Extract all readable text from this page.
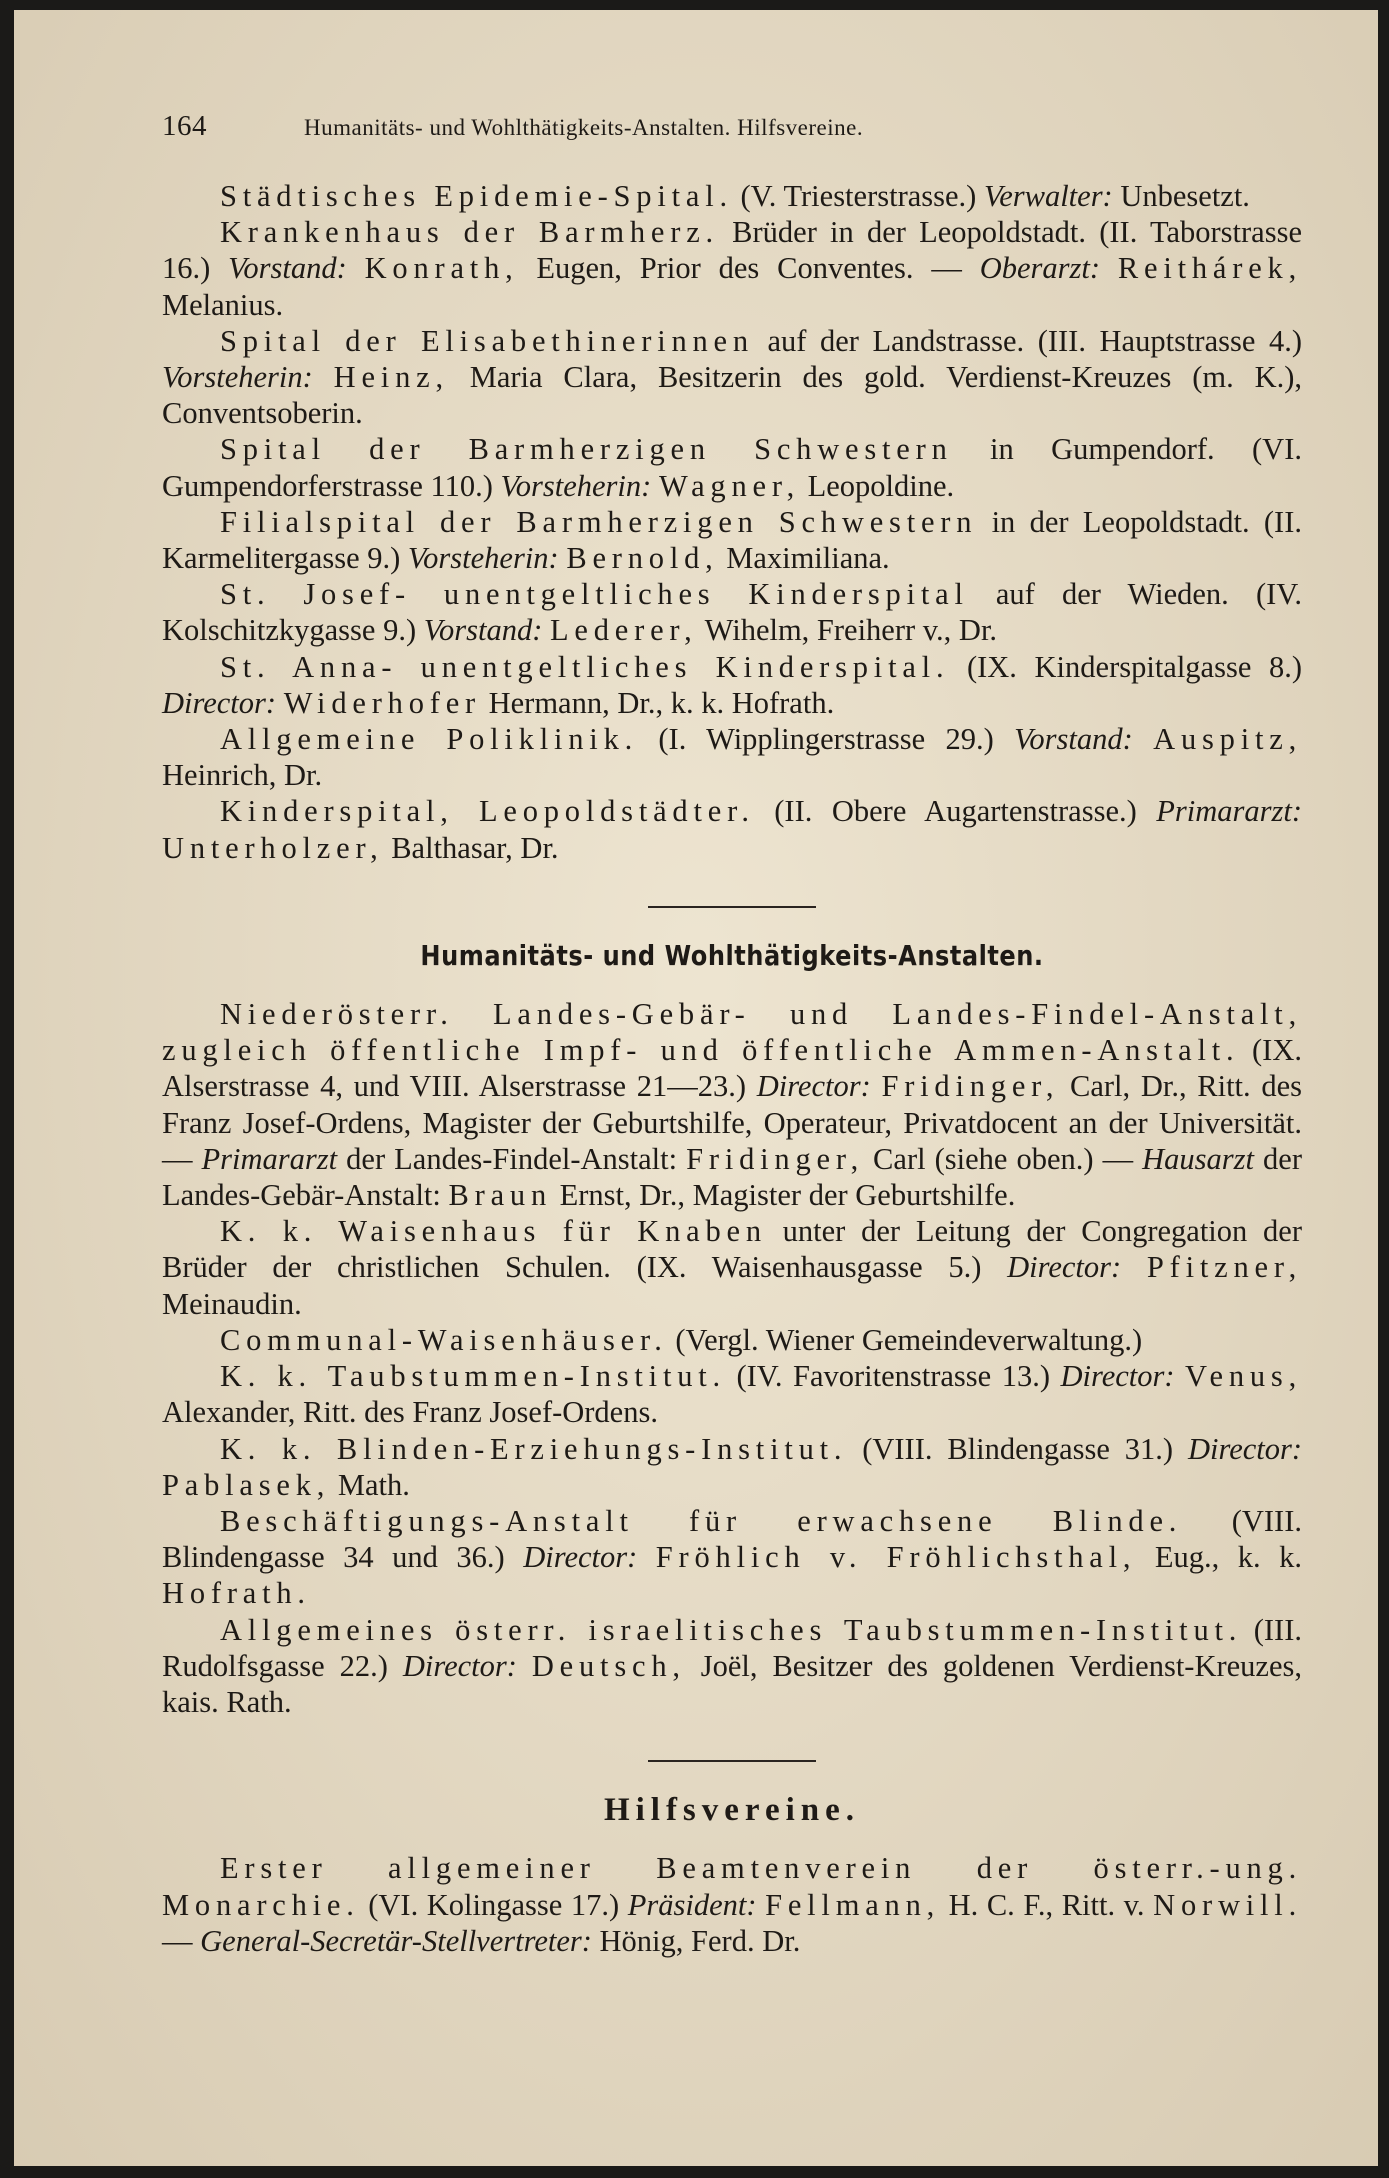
164	Humanitäts- und Wohlthätigkeits-Anstalten. Hilfsvereine.

Städtisches Epidemie-Spital. (V. Triesterstrasse.) Verwalter: Unbesetzt.

Krankenhaus der Barmherz. Brüder in der Leopoldstadt. (II. Taborstrasse 16.) Vorstand: Konrath, Eugen, Prior des Conventes. — Oberarzt: Reithárek, Melanius.

Spital der Elisabethinerinnen auf der Landstrasse. (III. Hauptstrasse 4.) Vorsteherin: Heinz, Maria Clara, Besitzerin des gold. Verdienst-Kreuzes (m. K.), Conventsoberin.

Spital der Barmherzigen Schwestern in Gumpendorf. (VI. Gumpendorferstrasse 110.) Vorsteherin: Wagner, Leopoldine.

Filialspital der Barmherzigen Schwestern in der Leopoldstadt. (II. Karmelitergasse 9.) Vorsteherin: Bernold, Maximiliana.

St. Josef- unentgeltliches Kinderspital auf der Wieden. (IV. Kolschitzkygasse 9.) Vorstand: Lederer, Wihelm, Freiherr v., Dr.

St. Anna- unentgeltliches Kinderspital. (IX. Kinderspitalgasse 8.) Director: Widerhofer Hermann, Dr., k. k. Hofrath.

Allgemeine Poliklinik. (I. Wipplingerstrasse 29.) Vorstand: Auspitz, Heinrich, Dr.

Kinderspital, Leopoldstädter. (II. Obere Augartenstrasse.) Primararzt: Unterholzer, Balthasar, Dr.

Humanitäts- und Wohlthätigkeits-Anstalten.

Niederösterr. Landes-Gebär- und Landes-Findel-Anstalt, zugleich öffentliche Impf- und öffentliche Ammen-Anstalt. (IX. Alserstrasse 4, und VIII. Alserstrasse 21—23.) Director: Fridinger, Carl, Dr., Ritt. des Franz Josef-Ordens, Magister der Geburtshilfe, Operateur, Privatdocent an der Universität. — Primararzt der Landes-Findel-Anstalt: Fridinger, Carl (siehe oben.) — Hausarzt der Landes-Gebär-Anstalt: Braun Ernst, Dr., Magister der Geburtshilfe.

K. k. Waisenhaus für Knaben unter der Leitung der Congregation der Brüder der christlichen Schulen. (IX. Waisenhausgasse 5.) Director: Pfitzner, Meinaudin.

Communal-Waisenhäuser. (Vergl. Wiener Gemeindeverwaltung.)

K. k. Taubstummen-Institut. (IV. Favoritenstrasse 13.) Director: Venus, Alexander, Ritt. des Franz Josef-Ordens.

K. k. Blinden-Erziehungs-Institut. (VIII. Blindengasse 31.) Director: Pablasek, Math.

Beschäftigungs-Anstalt für erwachsene Blinde. (VIII. Blindengasse 34 und 36.) Director: Fröhlich v. Fröhlichsthal, Eug., k. k. Hofrath.

Allgemeines österr. israelitisches Taubstummen-Institut. (III. Rudolfsgasse 22.) Director: Deutsch, Joël, Besitzer des goldenen Verdienst-Kreuzes, kais. Rath.

Hilfsvereine.

Erster allgemeiner Beamtenverein der österr.-ung. Monarchie. (VI. Kolingasse 17.) Präsident: Fellmann, H. C. F., Ritt. v. Norwill. — General-Secretär-Stellvertreter: Hönig, Ferd. Dr.
